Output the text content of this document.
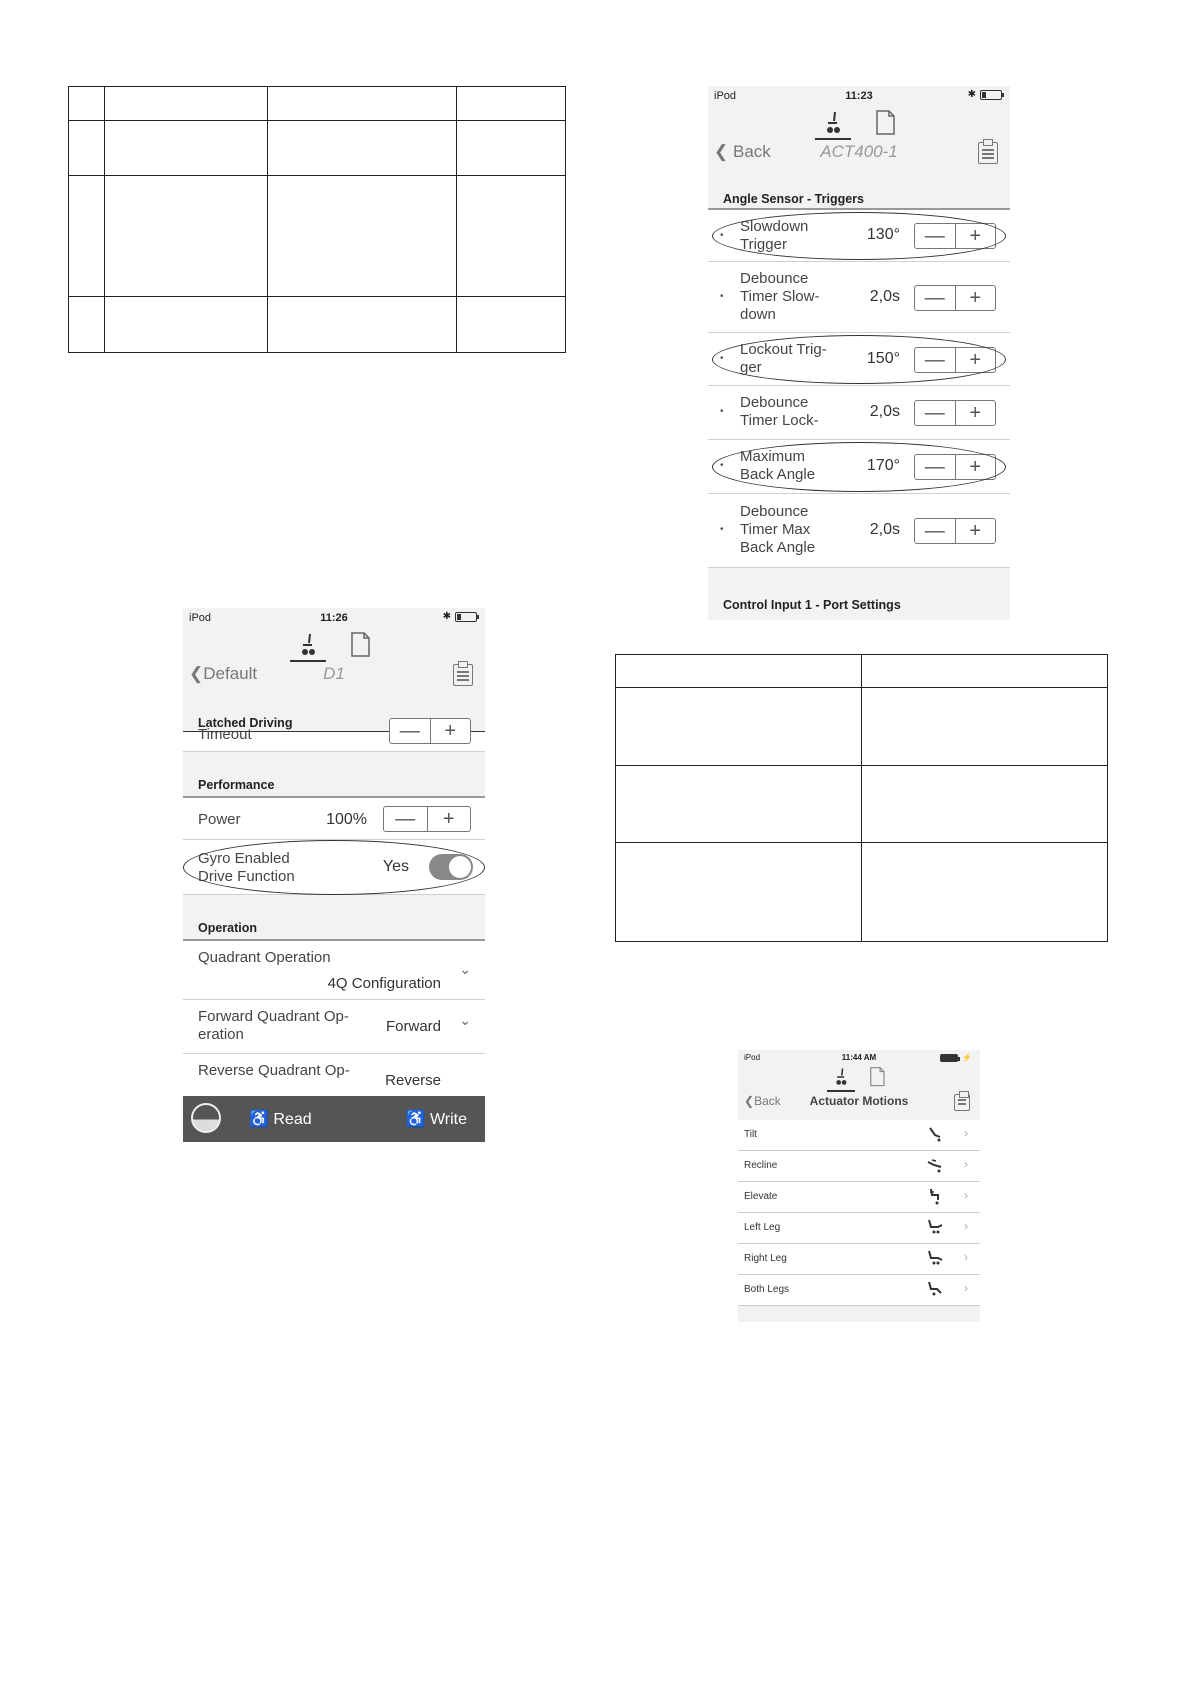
iPod	11:23	✱
❮ Back	ACT400-1
Angle Sensor - Triggers
•
Slowdown
Trigger
130°	—	+
•
Debounce
Timer Slow-
down
2,0s	—	+
•
Lockout Trig-
ger
150°	—	+
•
Debounce
Timer Lock-
2,0s	—	+
•
Maximum
Back Angle
170°	—	+
•
Debounce
Timer Max
Back Angle
2,0s	—	+
Control Input 1 - Port Settings
iPod	11:26	✱
❮Default	D1
Latched Driving
Timeout	—	+
Performance
Power	100%	—	+
Gyro Enabled
Drive Function
Yes
Operation
Quadrant Operation
4Q Configuration
⌄
Forward Quadrant Op-
eration	Forward ⌄
Reverse Quadrant Op-
Reverse
♿ Read	♿ Write
iPod	11:44 AM	⚡
❮Back	Actuator Motions
Tilt	›
Recline	›
Elevate	›
Left Leg	›
Right Leg	›
Both Legs	›
